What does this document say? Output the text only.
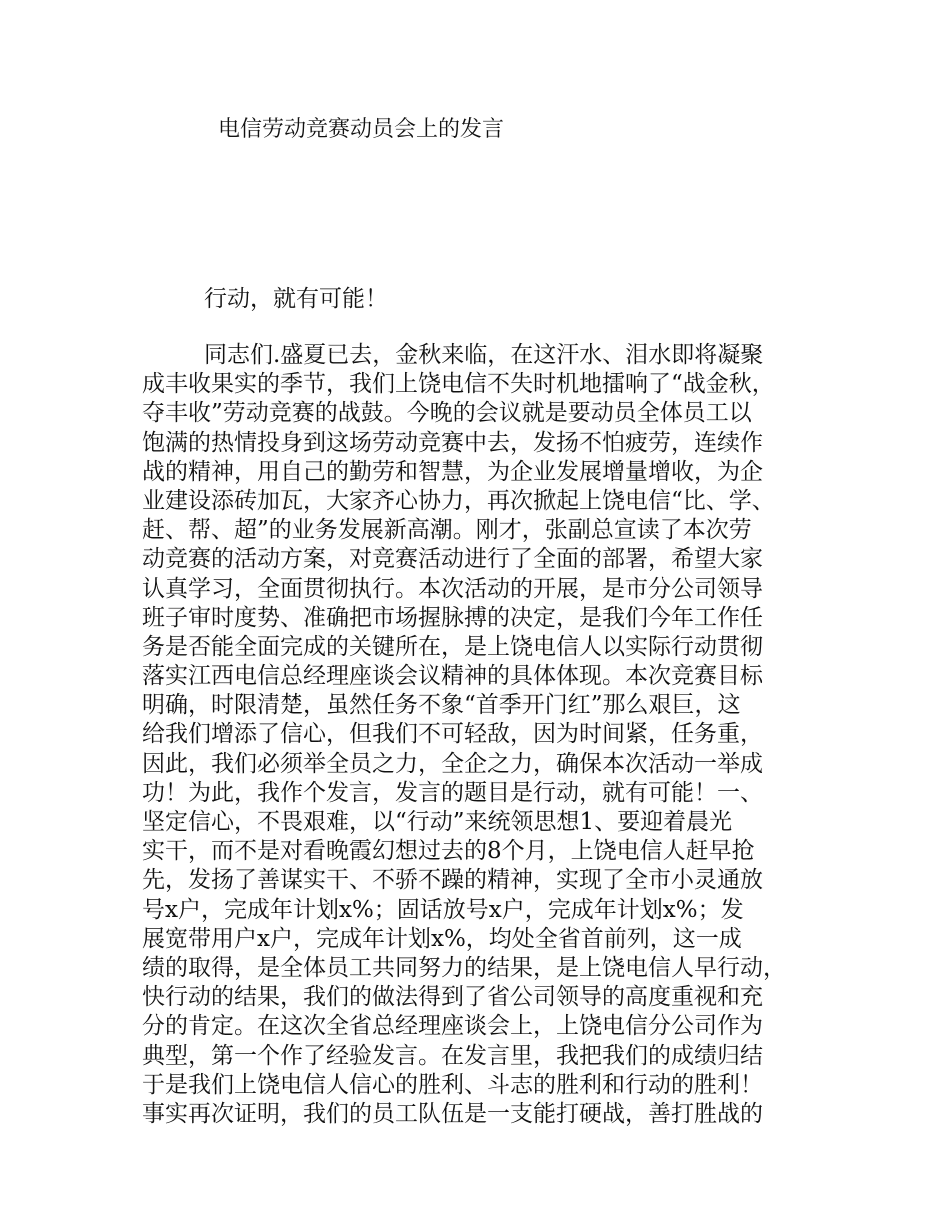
电信劳动竞赛动员会上的发言
行动，就有可能！
同志们.盛夏已去，金秋来临，在这汗水、泪水即将凝聚
成丰收果实的季节，我们上饶电信不失时机地擂响了“战金秋，
夺丰收”劳动竞赛的战鼓。今晚的会议就是要动员全体员工以
饱满的热情投身到这场劳动竞赛中去，发扬不怕疲劳，连续作
战的精神，用自己的勤劳和智慧，为企业发展增量增收，为企
业建设添砖加瓦，大家齐心协力，再次掀起上饶电信“比、学、
赶、帮、超”的业务发展新高潮。刚才，张副总宣读了本次劳
动竞赛的活动方案，对竞赛活动进行了全面的部署，希望大家
认真学习，全面贯彻执行。本次活动的开展，是市分公司领导
班子审时度势、准确把市场握脉搏的决定，是我们今年工作任
务是否能全面完成的关键所在，是上饶电信人以实际行动贯彻
落实江西电信总经理座谈会议精神的具体体现。本次竞赛目标
明确，时限清楚，虽然任务不象“首季开门红”那么艰巨，这
给我们增添了信心，但我们不可轻敌，因为时间紧，任务重，
因此，我们必须举全员之力，全企之力，确保本次活动一举成
功！为此，我作个发言，发言的题目是行动，就有可能！一、
坚定信心，不畏艰难，以“行动”来统领思想1、要迎着晨光
实干，而不是对看晚霞幻想过去的8个月，上饶电信人赶早抢
先，发扬了善谋实干、不骄不躁的精神，实现了全市小灵通放
号x户，完成年计划x%；固话放号x户，完成年计划x%；发
展宽带用户x户，完成年计划x%，均处全省首前列，这一成
绩的取得，是全体员工共同努力的结果，是上饶电信人早行动，
快行动的结果，我们的做法得到了省公司领导的高度重视和充
分的肯定。在这次全省总经理座谈会上，上饶电信分公司作为
典型，第一个作了经验发言。在发言里，我把我们的成绩归结
于是我们上饶电信人信心的胜利、斗志的胜利和行动的胜利！
事实再次证明，我们的员工队伍是一支能打硬战，善打胜战的
